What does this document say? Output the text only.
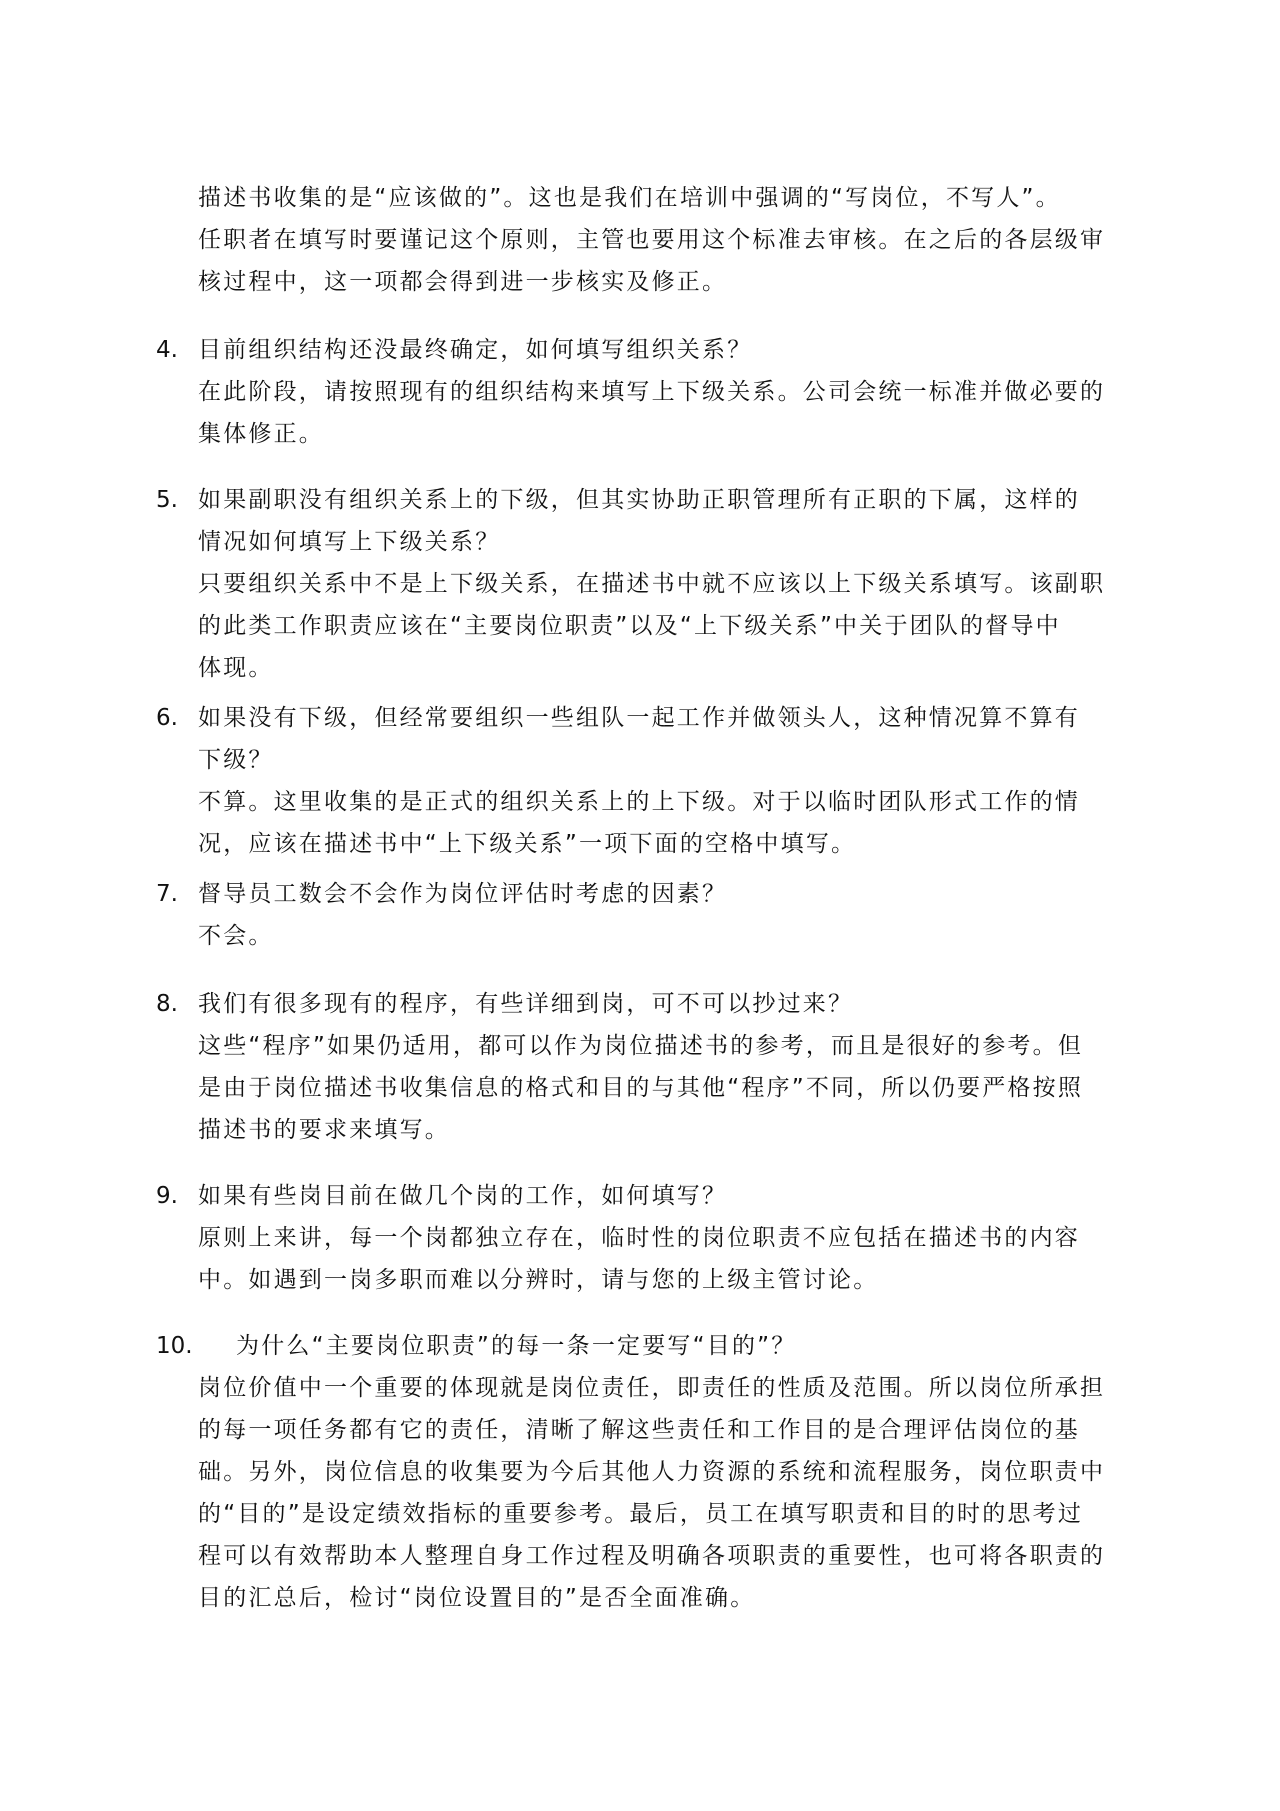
描述书收集的是“应该做的”。这也是我们在培训中强调的“写岗位，不写人”。
任职者在填写时要谨记这个原则，主管也要用这个标准去审核。在之后的各层级审
核过程中，这一项都会得到进一步核实及修正。
4. 目前组织结构还没最终确定，如何填写组织关系？
在此阶段，请按照现有的组织结构来填写上下级关系。公司会统一标准并做必要的
集体修正。
5. 如果副职没有组织关系上的下级，但其实协助正职管理所有正职的下属，这样的
情况如何填写上下级关系？
只要组织关系中不是上下级关系，在描述书中就不应该以上下级关系填写。该副职
的此类工作职责应该在“主要岗位职责”以及“上下级关系”中关于团队的督导中
体现。
6. 如果没有下级，但经常要组织一些组队一起工作并做领头人，这种情况算不算有
下级？
不算。这里收集的是正式的组织关系上的上下级。对于以临时团队形式工作的情
况，应该在描述书中“上下级关系”一项下面的空格中填写。
7. 督导员工数会不会作为岗位评估时考虑的因素？
不会。
8. 我们有很多现有的程序，有些详细到岗，可不可以抄过来？
这些“程序”如果仍适用，都可以作为岗位描述书的参考，而且是很好的参考。但
是由于岗位描述书收集信息的格式和目的与其他“程序”不同，所以仍要严格按照
描述书的要求来填写。
9. 如果有些岗目前在做几个岗的工作，如何填写？
原则上来讲，每一个岗都独立存在，临时性的岗位职责不应包括在描述书的内容
中。如遇到一岗多职而难以分辨时，请与您的上级主管讨论。
10.	为什么“主要岗位职责”的每一条一定要写“目的”？
岗位价值中一个重要的体现就是岗位责任，即责任的性质及范围。所以岗位所承担
的每一项任务都有它的责任，清晰了解这些责任和工作目的是合理评估岗位的基
础。另外，岗位信息的收集要为今后其他人力资源的系统和流程服务，岗位职责中
的“目的”是设定绩效指标的重要参考。最后，员工在填写职责和目的时的思考过
程可以有效帮助本人整理自身工作过程及明确各项职责的重要性，也可将各职责的
目的汇总后，检讨“岗位设置目的”是否全面准确。
